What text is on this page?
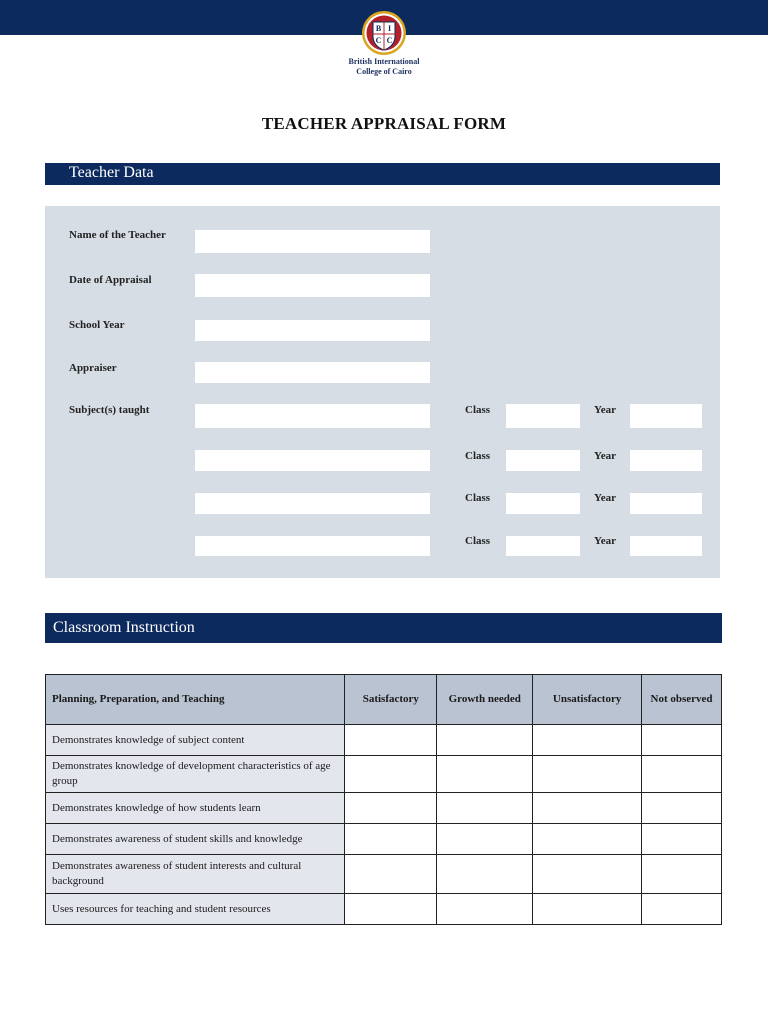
B I
C C
British International
College of Cairo
TEACHER APPRAISAL FORM
Teacher Data
Name of the Teacher
Date of Appraisal
School Year
Appraiser
Subject(s) taught	Class	Year
Class	Year
Class	Year
Class	Year
Classroom Instruction
Planning, Preparation, and Teaching	Satisfactory	Growth needed	Unsatisfactory	Not observed
Demonstrates knowledge of subject content				
Demonstrates knowledge of development characteristics of age group				
Demonstrates knowledge of how students learn				
Demonstrates awareness of student skills and knowledge				
Demonstrates awareness of student interests and cultural background				
Uses resources for teaching and student resources				
